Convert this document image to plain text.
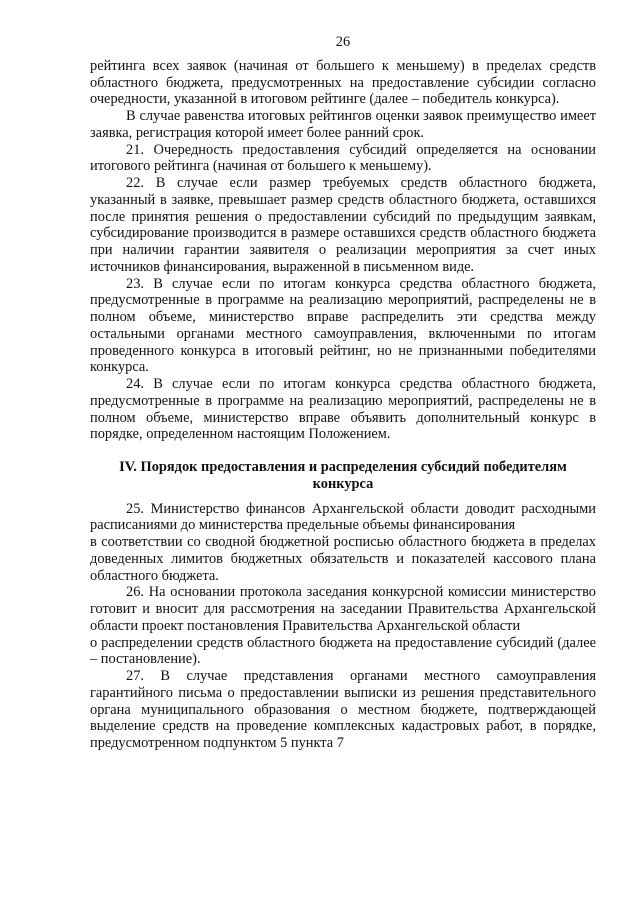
26

рейтинга всех заявок (начиная от большего к меньшему) в пределах средств областного бюджета, предусмотренных на предоставление субсидии согласно очередности, указанной в итоговом рейтинге (далее – победитель конкурса).

В случае равенства итоговых рейтингов оценки заявок преимущество имеет заявка, регистрация которой имеет более ранний срок.

21. Очередность предоставления субсидий определяется на основании итогового рейтинга (начиная от большего к меньшему).

22. В случае если размер требуемых средств областного бюджета, указанный в заявке, превышает размер средств областного бюджета, оставшихся после принятия решения о предоставлении субсидий по предыдущим заявкам, субсидирование производится в размере оставшихся средств областного бюджета при наличии гарантии заявителя о реализации мероприятия за счет иных источников финансирования, выраженной в письменном виде.

23. В случае если по итогам конкурса средства областного бюджета, предусмотренные в программе на реализацию мероприятий, распределены не в полном объеме, министерство вправе распределить эти средства между остальными органами местного самоуправления, включенными по итогам проведенного конкурса в итоговый рейтинг, но не признанными победителями конкурса.

24. В случае если по итогам конкурса средства областного бюджета, предусмотренные в программе на реализацию мероприятий, распределены не в полном объеме, министерство вправе объявить дополнительный конкурс в порядке, определенном настоящим Положением.

IV. Порядок предоставления и распределения субсидий победителям конкурса

25. Министерство финансов Архангельской области доводит расходными расписаниями до министерства предельные объемы финансирования

в соответствии со сводной бюджетной росписью областного бюджета в пределах доведенных лимитов бюджетных обязательств и показателей кассового плана областного бюджета.

26. На основании протокола заседания конкурсной комиссии министерство готовит и вносит для рассмотрения на заседании Правительства Архангельской области проект постановления Правительства Архангельской области

о распределении средств областного бюджета на предоставление субсидий (далее – постановление).

27. В случае представления органами местного самоуправления гарантийного письма о предоставлении выписки из решения представительного органа муниципального образования о местном бюджете, подтверждающей выделение средств на проведение комплексных кадастровых работ, в порядке, предусмотренном подпунктом 5 пункта 7
